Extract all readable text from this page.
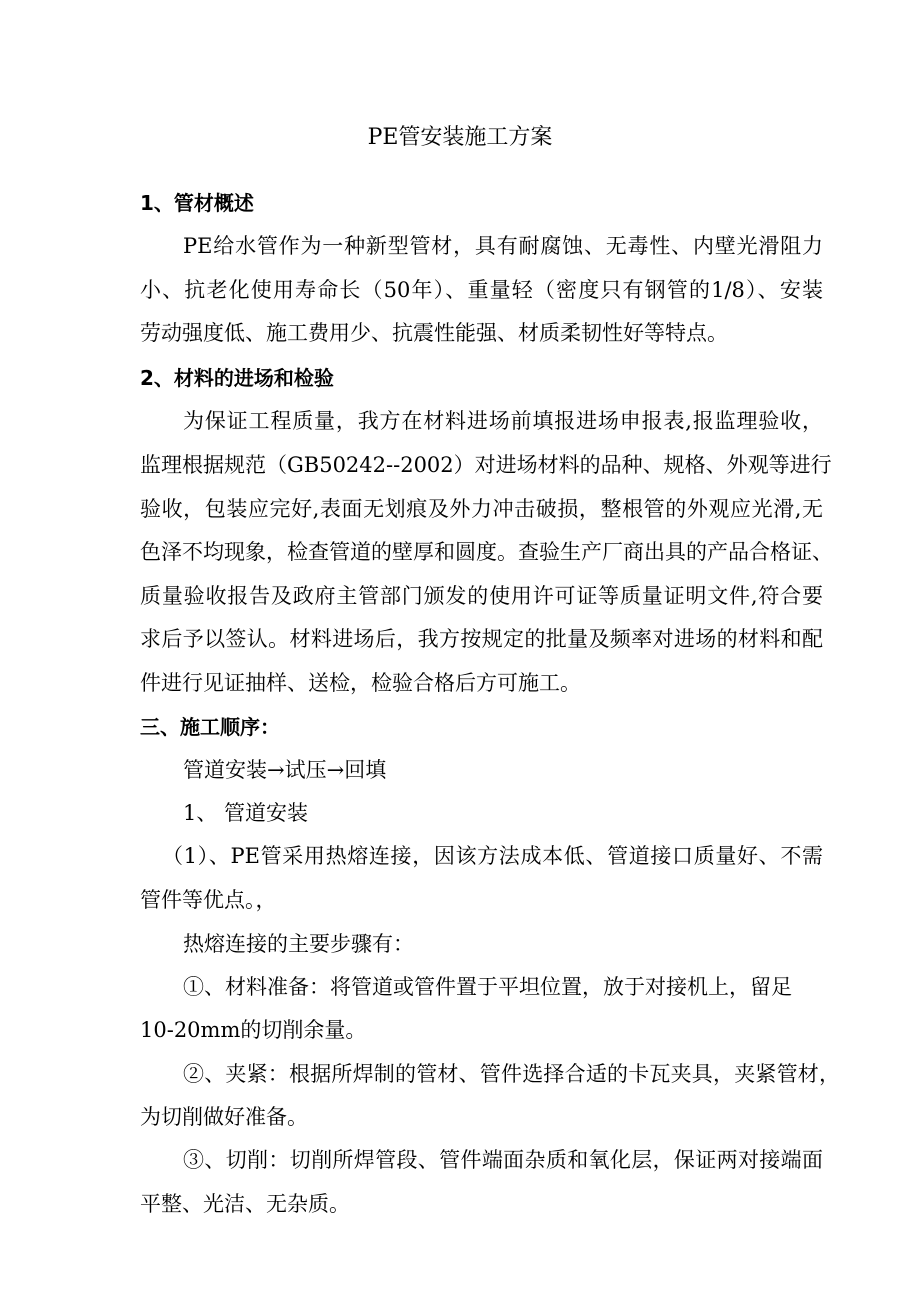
PE管安装施工方案
1、管材概述
PE给水管作为一种新型管材，具有耐腐蚀、无毒性、内壁光滑阻力
小、抗老化使用寿命长（50年）、重量轻（密度只有钢管的1/8）、安装
劳动强度低、施工费用少、抗震性能强、材质柔韧性好等特点。
2、材料的进场和检验
为保证工程质量，我方在材料进场前填报进场申报表,报监理验收，
监理根据规范（GB50242--2002）对进场材料的品种、规格、外观等进行
验收，包装应完好,表面无划痕及外力冲击破损，整根管的外观应光滑,无
色泽不均现象，检查管道的壁厚和圆度。查验生产厂商出具的产品合格证、
质量验收报告及政府主管部门颁发的使用许可证等质量证明文件,符合要
求后予以签认。材料进场后，我方按规定的批量及频率对进场的材料和配
件进行见证抽样、送检，检验合格后方可施工。
三、施工顺序：
管道安装→试压→回填
1、 管道安装
（1）、PE管采用热熔连接，因该方法成本低、管道接口质量好、不需
管件等优点。，
热熔连接的主要步骤有：
①、材料准备：将管道或管件置于平坦位置，放于对接机上，留足
10-20mm的切削余量。
②、夹紧：根据所焊制的管材、管件选择合适的卡瓦夹具，夹紧管材，
为切削做好准备。
③、切削：切削所焊管段、管件端面杂质和氧化层，保证两对接端面
平整、光洁、无杂质。
